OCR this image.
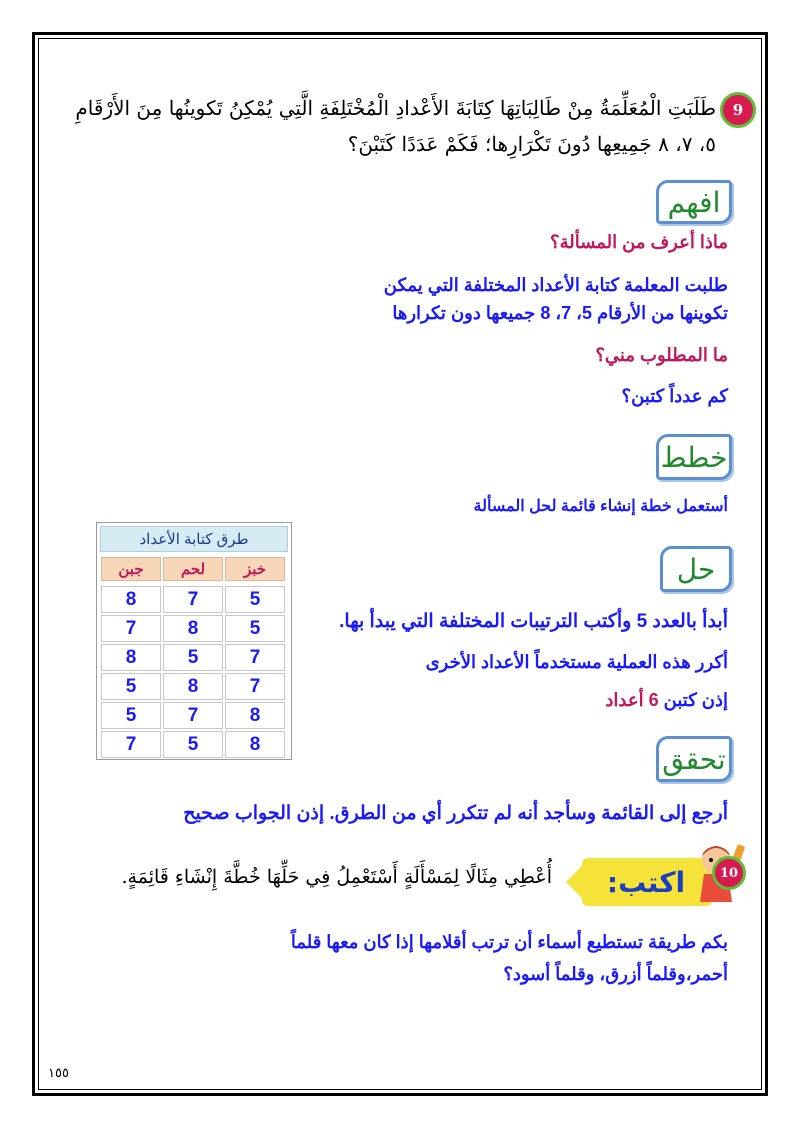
9
طَلَبَتِ الْمُعَلِّمَةُ مِنْ طَالِبَاتِهَا كِتَابَةَ الأَعْدادِ الْمُخْتَلِفَةِ الَّتِي يُمْكِنُ تَكوينُها مِنَ الأَرْقَامِ
٥، ٧، ٨ جَمِيعِها دُونَ تَكْرَارِها؛ فَكَمْ عَدَدًا كَتَبْنَ؟
افهم
ماذا أعرف من المسألة؟
طلبت المعلمة كتابة الأعداد المختلفة التي يمكن
تكوينها من الأرقام 5، 7، 8 جميعها دون تكرارها
ما المطلوب مني؟
كم عدداً كتبن؟
خطط
أستعمل خطة إنشاء قائمة لحل المسألة
طرق كتابة الأعداد
خبز
لحم
جبن
5
7
8
5
8
7
7
5
8
7
8
5
8
7
5
8
5
7
حل
أبدأ بالعدد 5 وأكتب الترتيبات المختلفة التي يبدأ بها.
أكرر هذه العملية مستخدماً الأعداد الأخرى
إذن كتبن 6 أعداد
تحقق
أرجع إلى القائمة وسأجد أنه لم تتكرر أي من الطرق. إذن الجواب صحيح
اكتب:	10
أُعْطِي مِثَالًا لِمَسْأَلَةٍ أَسْتَعْمِلُ فِي حَلِّهَا خُطَّةَ إِنْشَاءِ قَائِمَةٍ.
بكم طريقة تستطيع أسماء أن ترتب أقلامها إذا كان معها قلماً
أحمر،وقلماً أزرق، وقلماً أسود؟
١٥٥
